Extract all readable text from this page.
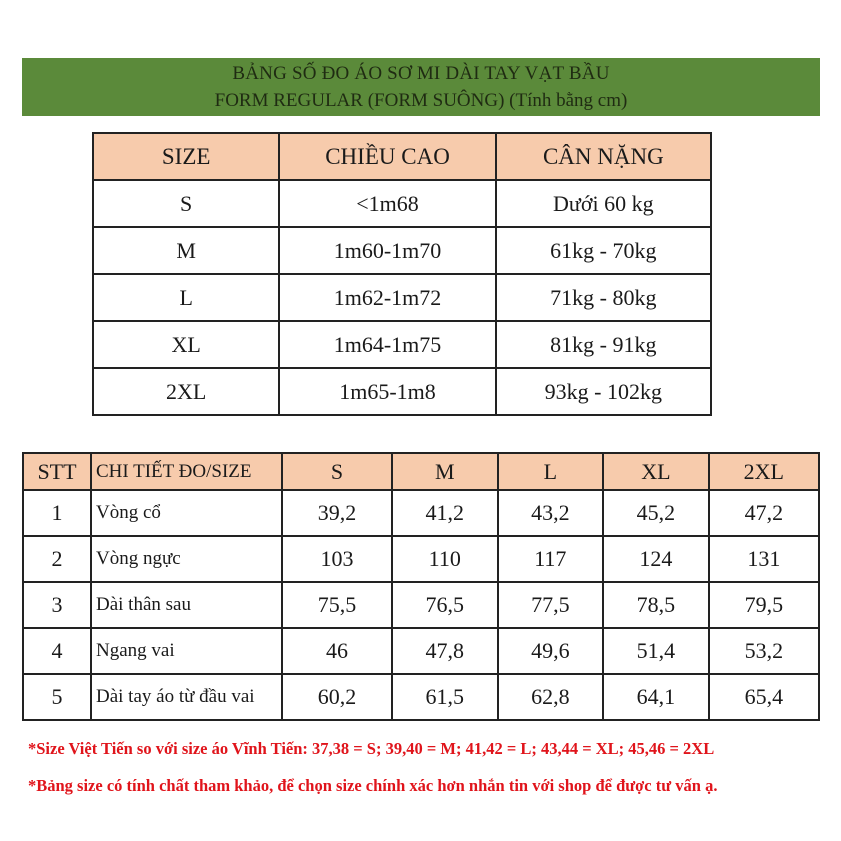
BẢNG SỐ ĐO ÁO SƠ MI DÀI TAY VẠT BẦU
FORM REGULAR (FORM SUÔNG) (Tính bằng cm)
SIZE	CHIỀU CAO	CÂN NẶNG
S	<1m68	Dưới 60 kg
M	1m60-1m70	61kg - 70kg
L	1m62-1m72	71kg - 80kg
XL	1m64-1m75	81kg - 91kg
2XL	1m65-1m8	93kg - 102kg
STT	CHI TIẾT ĐO/SIZE	S	M	L	XL	2XL
1	Vòng cổ	39,2	41,2	43,2	45,2	47,2
2	Vòng ngực	103	110	117	124	131
3	Dài thân sau	75,5	76,5	77,5	78,5	79,5
4	Ngang vai	46	47,8	49,6	51,4	53,2
5	Dài tay áo từ đầu vai	60,2	61,5	62,8	64,1	65,4
*Size Việt Tiến so với size áo Vĩnh Tiến: 37,38 = S; 39,40 = M; 41,42 = L; 43,44 = XL; 45,46 = 2XL
*Bảng size có tính chất tham khảo, để chọn size chính xác hơn nhắn tin với shop để được tư vấn ạ.
